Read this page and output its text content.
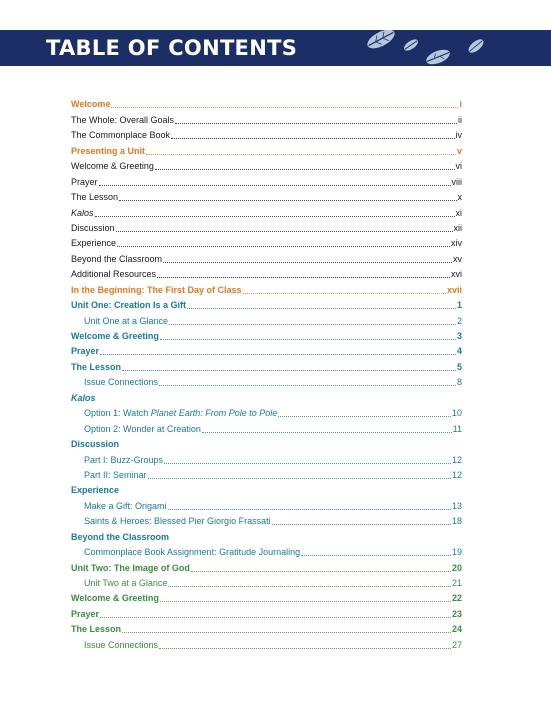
TABLE OF CONTENTS
Welcome	i
The Whole: Overall Goals	ii
The Commonplace Book	iv
Presenting a Unit	v
Welcome & Greeting	vi
Prayer	viii
The Lesson	x
Kalos	xi
Discussion	xii
Experience	xiv
Beyond the Classroom	xv
Additional Resources	xvi
In the Beginning: The First Day of Class	xvii
Unit One: Creation Is a Gift	1
Unit One at a Glance	2
Welcome & Greeting	3
Prayer	4
The Lesson	5
Issue Connections	8
Kalos
Option 1: Watch Planet Earth: From Pole to Pole	10
Option 2: Wonder at Creation	11
Discussion
Part I: Buzz-Groups	12
Part II: Seminar	12
Experience
Make a Gift: Origami	13
Saints & Heroes: Blessed Pier Giorgio Frassati	18
Beyond the Classroom
Commonplace Book Assignment: Gratitude Journaling	19
Unit Two: The Image of God	20
Unit Two at a Glance	21
Welcome & Greeting	22
Prayer	23
The Lesson	24
Issue Connections	27
